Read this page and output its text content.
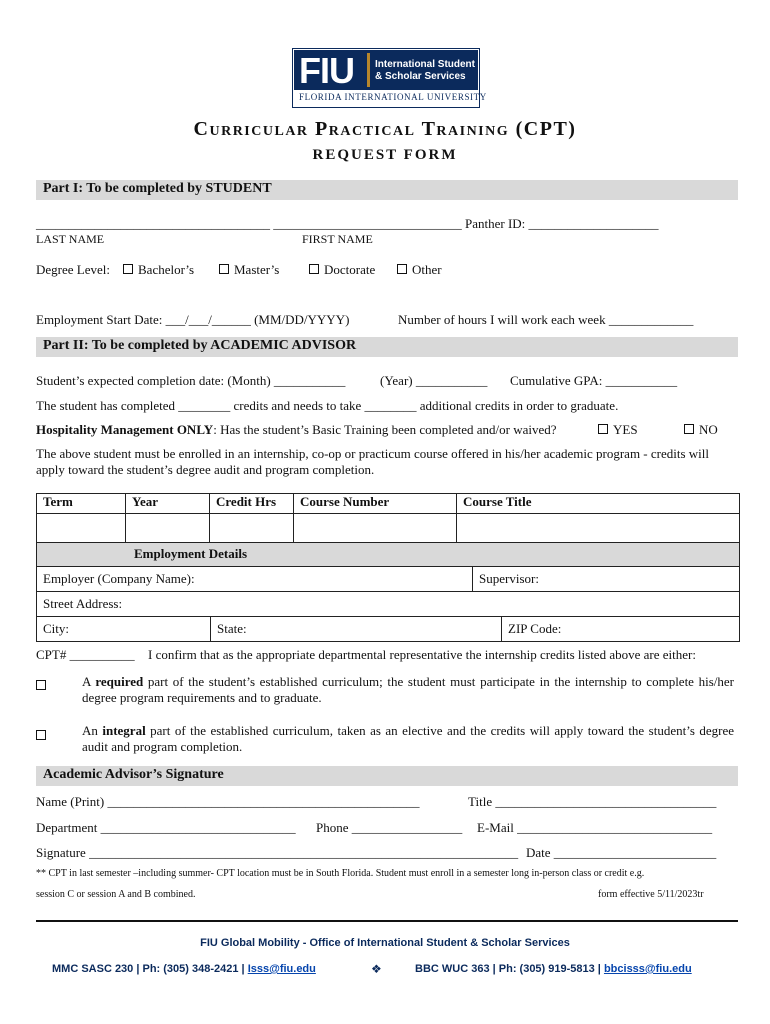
FIU International Student
& Scholar Services
FLORIDA INTERNATIONAL UNIVERSITY
Curricular Practical Training (CPT)
REQUEST FORM
Part I: To be completed by STUDENT
____________________________________ _____________________________ Panther ID: ____________________
LAST NAME	FIRST NAME
Degree Level:	Bachelor’s	Master’s	Doctorate	Other
Employment Start Date: ___/___/______ (MM/DD/YYYY)	Number of hours I will work each week _____________
Part II: To be completed by ACADEMIC ADVISOR
Student’s expected completion date: (Month) ___________	(Year) ___________ Cumulative GPA: ___________
The student has completed ________ credits and needs to take ________ additional credits in order to graduate.
Hospitality Management ONLY: Has the student’s Basic Training been completed and/or waived?	YES	NO
The above student must be enrolled in an internship, co-op or practicum course offered in his/her academic program - credits will apply toward the student’s degree audit and program completion.
Term	Year	Credit Hrs	Course Number	Course Title

Employment Details				
Employer (Company Name):	Supervisor:
Street Address:
City:	State:	ZIP Code:
CPT# __________ I confirm that as the appropriate departmental representative the internship credits listed above are either:
A required part of the student’s established curriculum; the student must participate in the internship to complete his/her degree program requirements and to graduate.
An integral part of the established curriculum, taken as an elective and the credits will apply toward the student’s degree audit and program completion.
Academic Advisor’s Signature
Name (Print) ________________________________________________	Title __________________________________
Department ______________________________ Phone _________________ E-Mail ______________________________
Signature __________________________________________________________________ Date _________________________
** CPT in last semester –including summer- CPT location must be in South Florida. Student must enroll in a semester long in-person class or credit e.g.
session C or session A and B combined.	form effective 5/11/2023tr
FIU Global Mobility - Office of International Student & Scholar Services
MMC SASC 230 | Ph: (305) 348-2421 | Isss@fiu.edu	❖	BBC WUC 363 | Ph: (305) 919-5813 | bbcisss@fiu.edu
